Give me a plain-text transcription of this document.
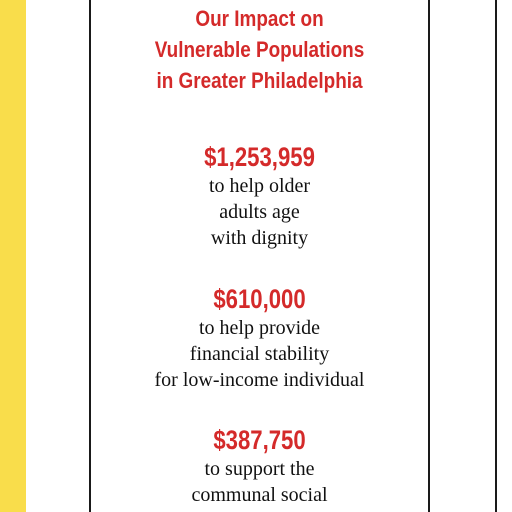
Our Impact on
Vulnerable Populations
in Greater Philadelphia
$1,253,959
to help older
adults age
with dignity
$610,000
to help provide
financial stability
for low-income individual
$387,750
to support the
communal social
